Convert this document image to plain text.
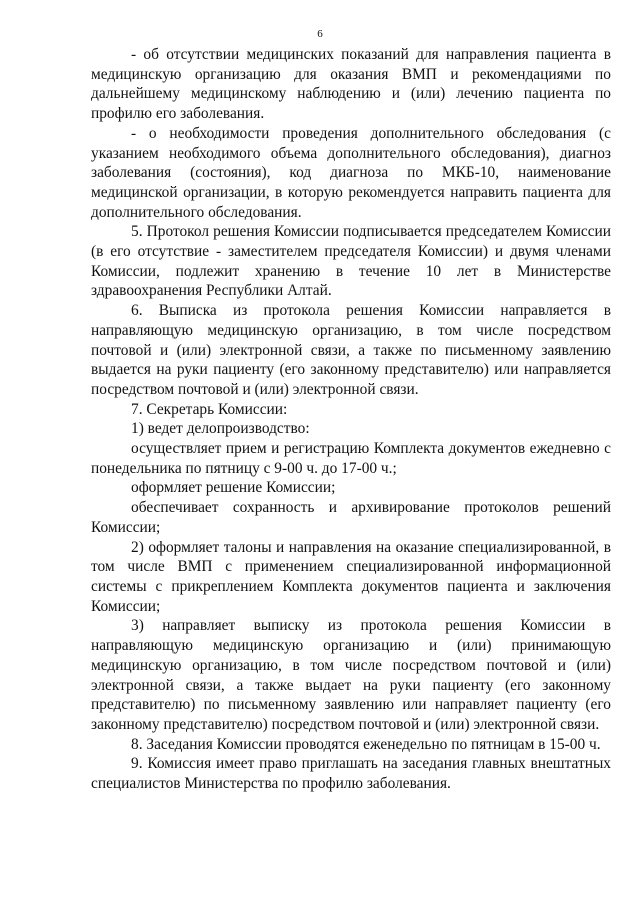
6

- об отсутствии медицинских показаний для направления пациента в медицинскую организацию для оказания ВМП и рекомендациями по дальнейшему медицинскому наблюдению и (или) лечению пациента по профилю его заболевания.

- о необходимости проведения дополнительного обследования (с указанием необходимого объема дополнительного обследования), диагноз заболевания (состояния), код диагноза по МКБ-10, наименование медицинской организации, в которую рекомендуется направить пациента для дополнительного обследования.

5. Протокол решения Комиссии подписывается председателем Комиссии (в его отсутствие - заместителем председателя Комиссии) и двумя членами Комиссии, подлежит хранению в течение 10 лет в Министерстве здравоохранения Республики Алтай.

6. Выписка из протокола решения Комиссии направляется в направляющую медицинскую организацию, в том числе посредством почтовой и (или) электронной связи, а также по письменному заявлению выдается на руки пациенту (его законному представителю) или направляется посредством почтовой и (или) электронной связи.

7. Секретарь Комиссии:

1) ведет делопроизводство:

осуществляет прием и регистрацию Комплекта документов ежедневно с понедельника по пятницу с 9-00 ч. до 17-00 ч.;

оформляет решение Комиссии;

обеспечивает сохранность и архивирование протоколов решений Комиссии;

2) оформляет талоны и направления на оказание специализированной, в том числе ВМП с применением специализированной информационной системы с прикреплением Комплекта документов пациента и заключения Комиссии;

3) направляет выписку из протокола решения Комиссии в направляющую медицинскую организацию и (или) принимающую медицинскую организацию, в том числе посредством почтовой и (или) электронной связи, а также выдает на руки пациенту (его законному представителю) по письменному заявлению или направляет пациенту (его законному представителю) посредством почтовой и (или) электронной связи.

8. Заседания Комиссии проводятся еженедельно по пятницам в 15-00 ч.

9. Комиссия имеет право приглашать на заседания главных внештатных специалистов Министерства по профилю заболевания.
